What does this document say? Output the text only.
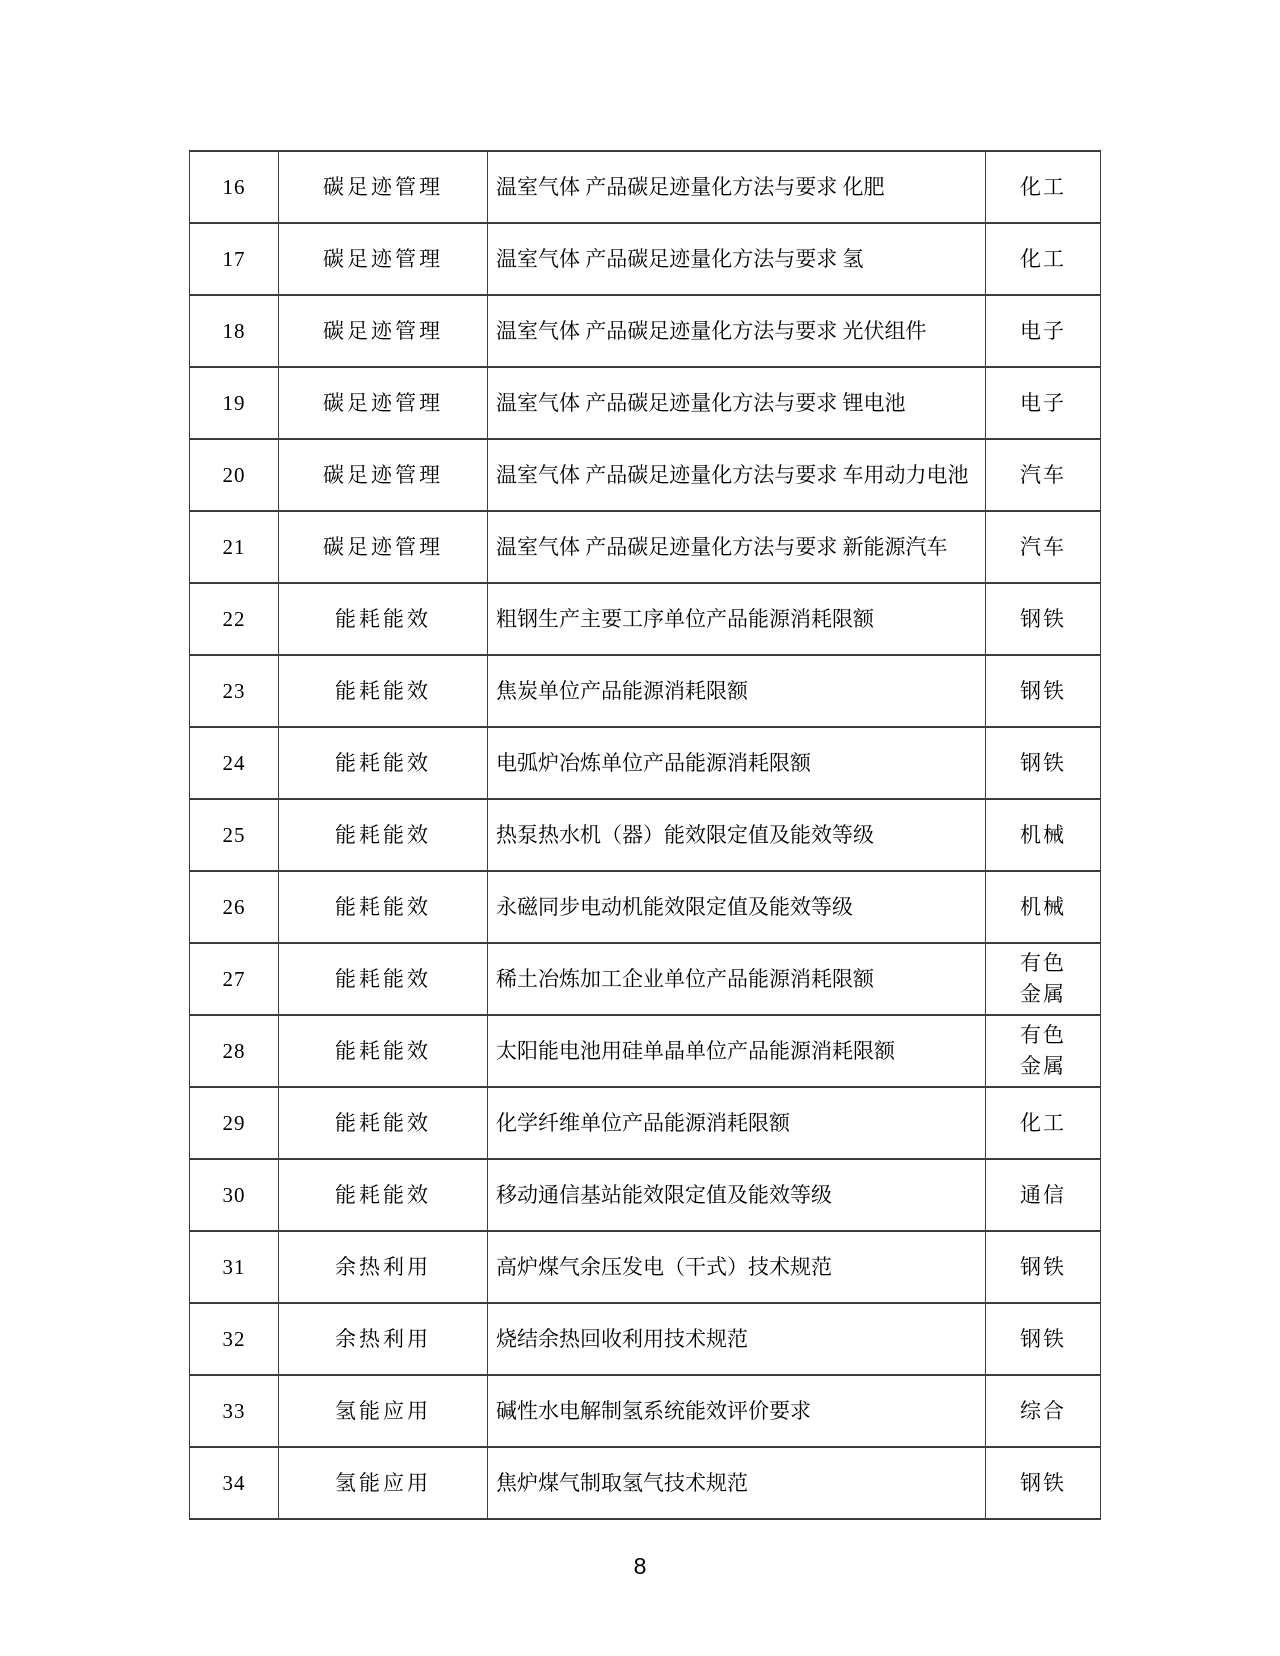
16	碳足迹管理	温室气体 产品碳足迹量化方法与要求 化肥	化工
17	碳足迹管理	温室气体 产品碳足迹量化方法与要求 氢	化工
18	碳足迹管理	温室气体 产品碳足迹量化方法与要求 光伏组件	电子
19	碳足迹管理	温室气体 产品碳足迹量化方法与要求 锂电池	电子
20	碳足迹管理	温室气体 产品碳足迹量化方法与要求 车用动力电池	汽车
21	碳足迹管理	温室气体 产品碳足迹量化方法与要求 新能源汽车	汽车
22	能耗能效	粗钢生产主要工序单位产品能源消耗限额	钢铁
23	能耗能效	焦炭单位产品能源消耗限额	钢铁
24	能耗能效	电弧炉冶炼单位产品能源消耗限额	钢铁
25	能耗能效	热泵热水机（器）能效限定值及能效等级	机械
26	能耗能效	永磁同步电动机能效限定值及能效等级	机械
27	能耗能效	稀土冶炼加工企业单位产品能源消耗限额	有色金属
28	能耗能效	太阳能电池用硅单晶单位产品能源消耗限额	有色金属
29	能耗能效	化学纤维单位产品能源消耗限额	化工
30	能耗能效	移动通信基站能效限定值及能效等级	通信
31	余热利用	高炉煤气余压发电（干式）技术规范	钢铁
32	余热利用	烧结余热回收利用技术规范	钢铁
33	氢能应用	碱性水电解制氢系统能效评价要求	综合
34	氢能应用	焦炉煤气制取氢气技术规范	钢铁
8
